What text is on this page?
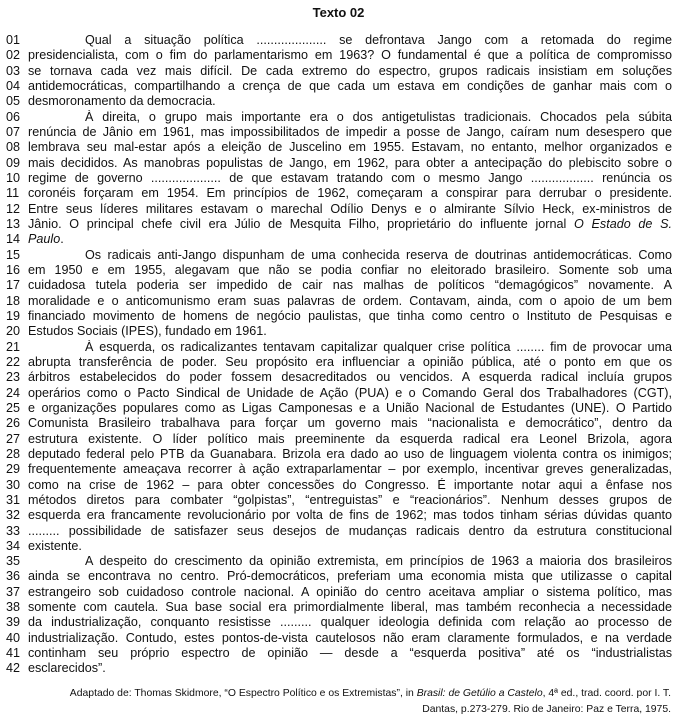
Texto 02
01	Qual a situação política .................... se defrontava Jango com a retomada do regime
02 presidencialista, com o fim do parlamentarismo em 1963? O fundamental é que a política de compromisso
03 se tornava cada vez mais difícil. De cada extremo do espectro, grupos radicais insistiam em soluções
04 antidemocráticas, compartilhando a crença de que cada um estava em condições de ganhar mais com o
05 desmoronamento da democracia.
06	À direita, o grupo mais importante era o dos antigetulistas tradicionais. Chocados pela súbita
07 renúncia de Jânio em 1961, mas impossibilitados de impedir a posse de Jango, caíram num desespero que
08 lembrava seu mal-estar após a eleição de Juscelino em 1955. Estavam, no entanto, melhor organizados e
09 mais decididos. As manobras populistas de Jango, em 1962, para obter a antecipação do plebiscito sobre o
10 regime de governo .................... de que estavam tratando com o mesmo Jango .................. renúncia os
11 coronéis forçaram em 1954. Em princípios de 1962, começaram a conspirar para derrubar o presidente.
12 Entre seus líderes militares estavam o marechal Odílio Denys e o almirante Sílvio Heck, ex-ministros de
13 Jânio. O principal chefe civil era Júlio de Mesquita Filho, proprietário do influente jornal O Estado de S.
14 Paulo.
15	Os radicais anti-Jango dispunham de uma conhecida reserva de doutrinas antidemocráticas. Como
16 em 1950 e em 1955, alegavam que não se podia confiar no eleitorado brasileiro. Somente sob uma
17 cuidadosa tutela poderia ser impedido de cair nas malhas de políticos “demagógicos” novamente. A
18 moralidade e o anticomunismo eram suas palavras de ordem. Contavam, ainda, com o apoio de um bem
19 financiado movimento de homens de negócio paulistas, que tinha como centro o Instituto de Pesquisas e
20 Estudos Sociais (IPES), fundado em 1961.
21	À esquerda, os radicalizantes tentavam capitalizar qualquer crise política ........ fim de provocar uma
22 abrupta transferência de poder. Seu propósito era influenciar a opinião pública, até o ponto em que os
23 árbitros estabelecidos do poder fossem desacreditados ou vencidos. A esquerda radical incluía grupos
24 operários como o Pacto Sindical de Unidade de Ação (PUA) e o Comando Geral dos Trabalhadores (CGT),
25 e organizações populares como as Ligas Camponesas e a União Nacional de Estudantes (UNE). O Partido
26 Comunista Brasileiro trabalhava para forçar um governo mais “nacionalista e democrático”, dentro da
27 estrutura existente. O líder político mais preeminente da esquerda radical era Leonel Brizola, agora
28 deputado federal pelo PTB da Guanabara. Brizola era dado ao uso de linguagem violenta contra os inimigos;
29 frequentemente ameaçava recorrer à ação extraparlamentar – por exemplo, incentivar greves generalizadas,
30 como na crise de 1962 – para obter concessões do Congresso. É importante notar aqui a ênfase nos
31 métodos diretos para combater “golpistas”, “entreguistas” e “reacionários”. Nenhum desses grupos de
32 esquerda era francamente revolucionário por volta de fins de 1962; mas todos tinham sérias dúvidas quanto
33 ......... possibilidade de satisfazer seus desejos de mudanças radicais dentro da estrutura constitucional
34 existente.
35	A despeito do crescimento da opinião extremista, em princípios de 1963 a maioria dos brasileiros
36 ainda se encontrava no centro. Pró-democráticos, preferiam uma economia mista que utilizasse o capital
37 estrangeiro sob cuidadoso controle nacional. A opinião do centro aceitava ampliar o sistema político, mas
38 somente com cautela. Sua base social era primordialmente liberal, mas também reconhecia a necessidade
39 da industrialização, conquanto resistisse ......... qualquer ideologia definida com relação ao processo de
40 industrialização. Contudo, estes pontos-de-vista cautelosos não eram claramente formulados, e na verdade
41 continham seu próprio espectro de opinião — desde a “esquerda positiva” até os “industrialistas
42 esclarecidos”.
Adaptado de: Thomas Skidmore, “O Espectro Político e os Extremistas”, in Brasil: de Getúlio a Castelo, 4ª ed., trad. coord. por I. T.
Dantas, p.273-279. Rio de Janeiro: Paz e Terra, 1975.
